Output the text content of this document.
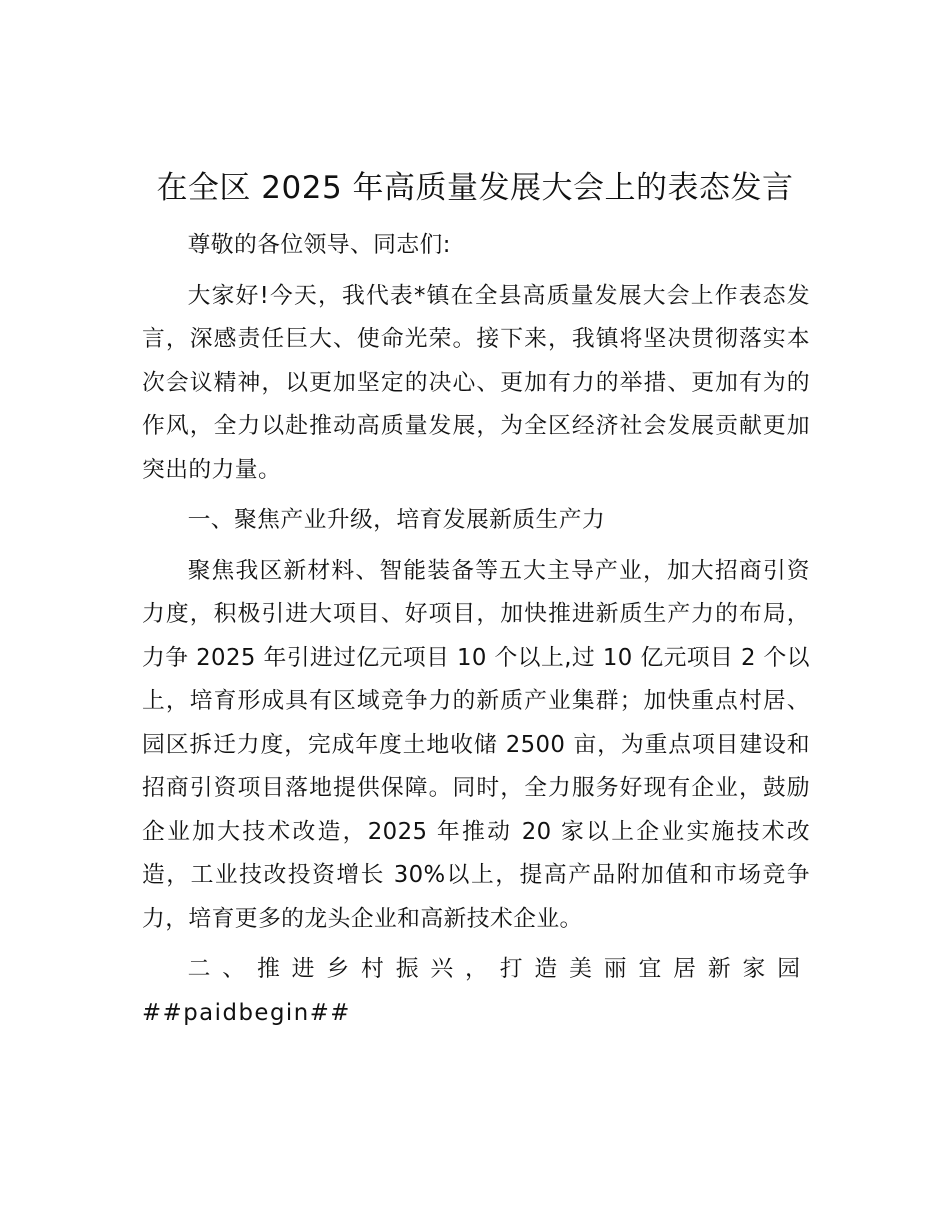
在全区 2025 年高质量发展大会上的表态发言

尊敬的各位领导、同志们:

大家好!今天，我代表*镇在全县高质量发展大会上作表态发言，深感责任巨大、使命光荣。接下来，我镇将坚决贯彻落实本次会议精神，以更加坚定的决心、更加有力的举措、更加有为的作风，全力以赴推动高质量发展，为全区经济社会发展贡献更加突出的力量。

一、聚焦产业升级，培育发展新质生产力

聚焦我区新材料、智能装备等五大主导产业，加大招商引资力度，积极引进大项目、好项目，加快推进新质生产力的布局，力争 2025 年引进过亿元项目 10 个以上,过 10 亿元项目 2 个以上，培育形成具有区域竞争力的新质产业集群；加快重点村居、园区拆迁力度，完成年度土地收储 2500 亩，为重点项目建设和招商引资项目落地提供保障。同时，全力服务好现有企业，鼓励企业加大技术改造，2025 年推动 20 家以上企业实施技术改造，工业技改投资增长 30%以上，提高产品附加值和市场竞争力，培育更多的龙头企业和高新技术企业。

二、推进乡村振兴，打造美丽宜居新家园

##paidbegin##
